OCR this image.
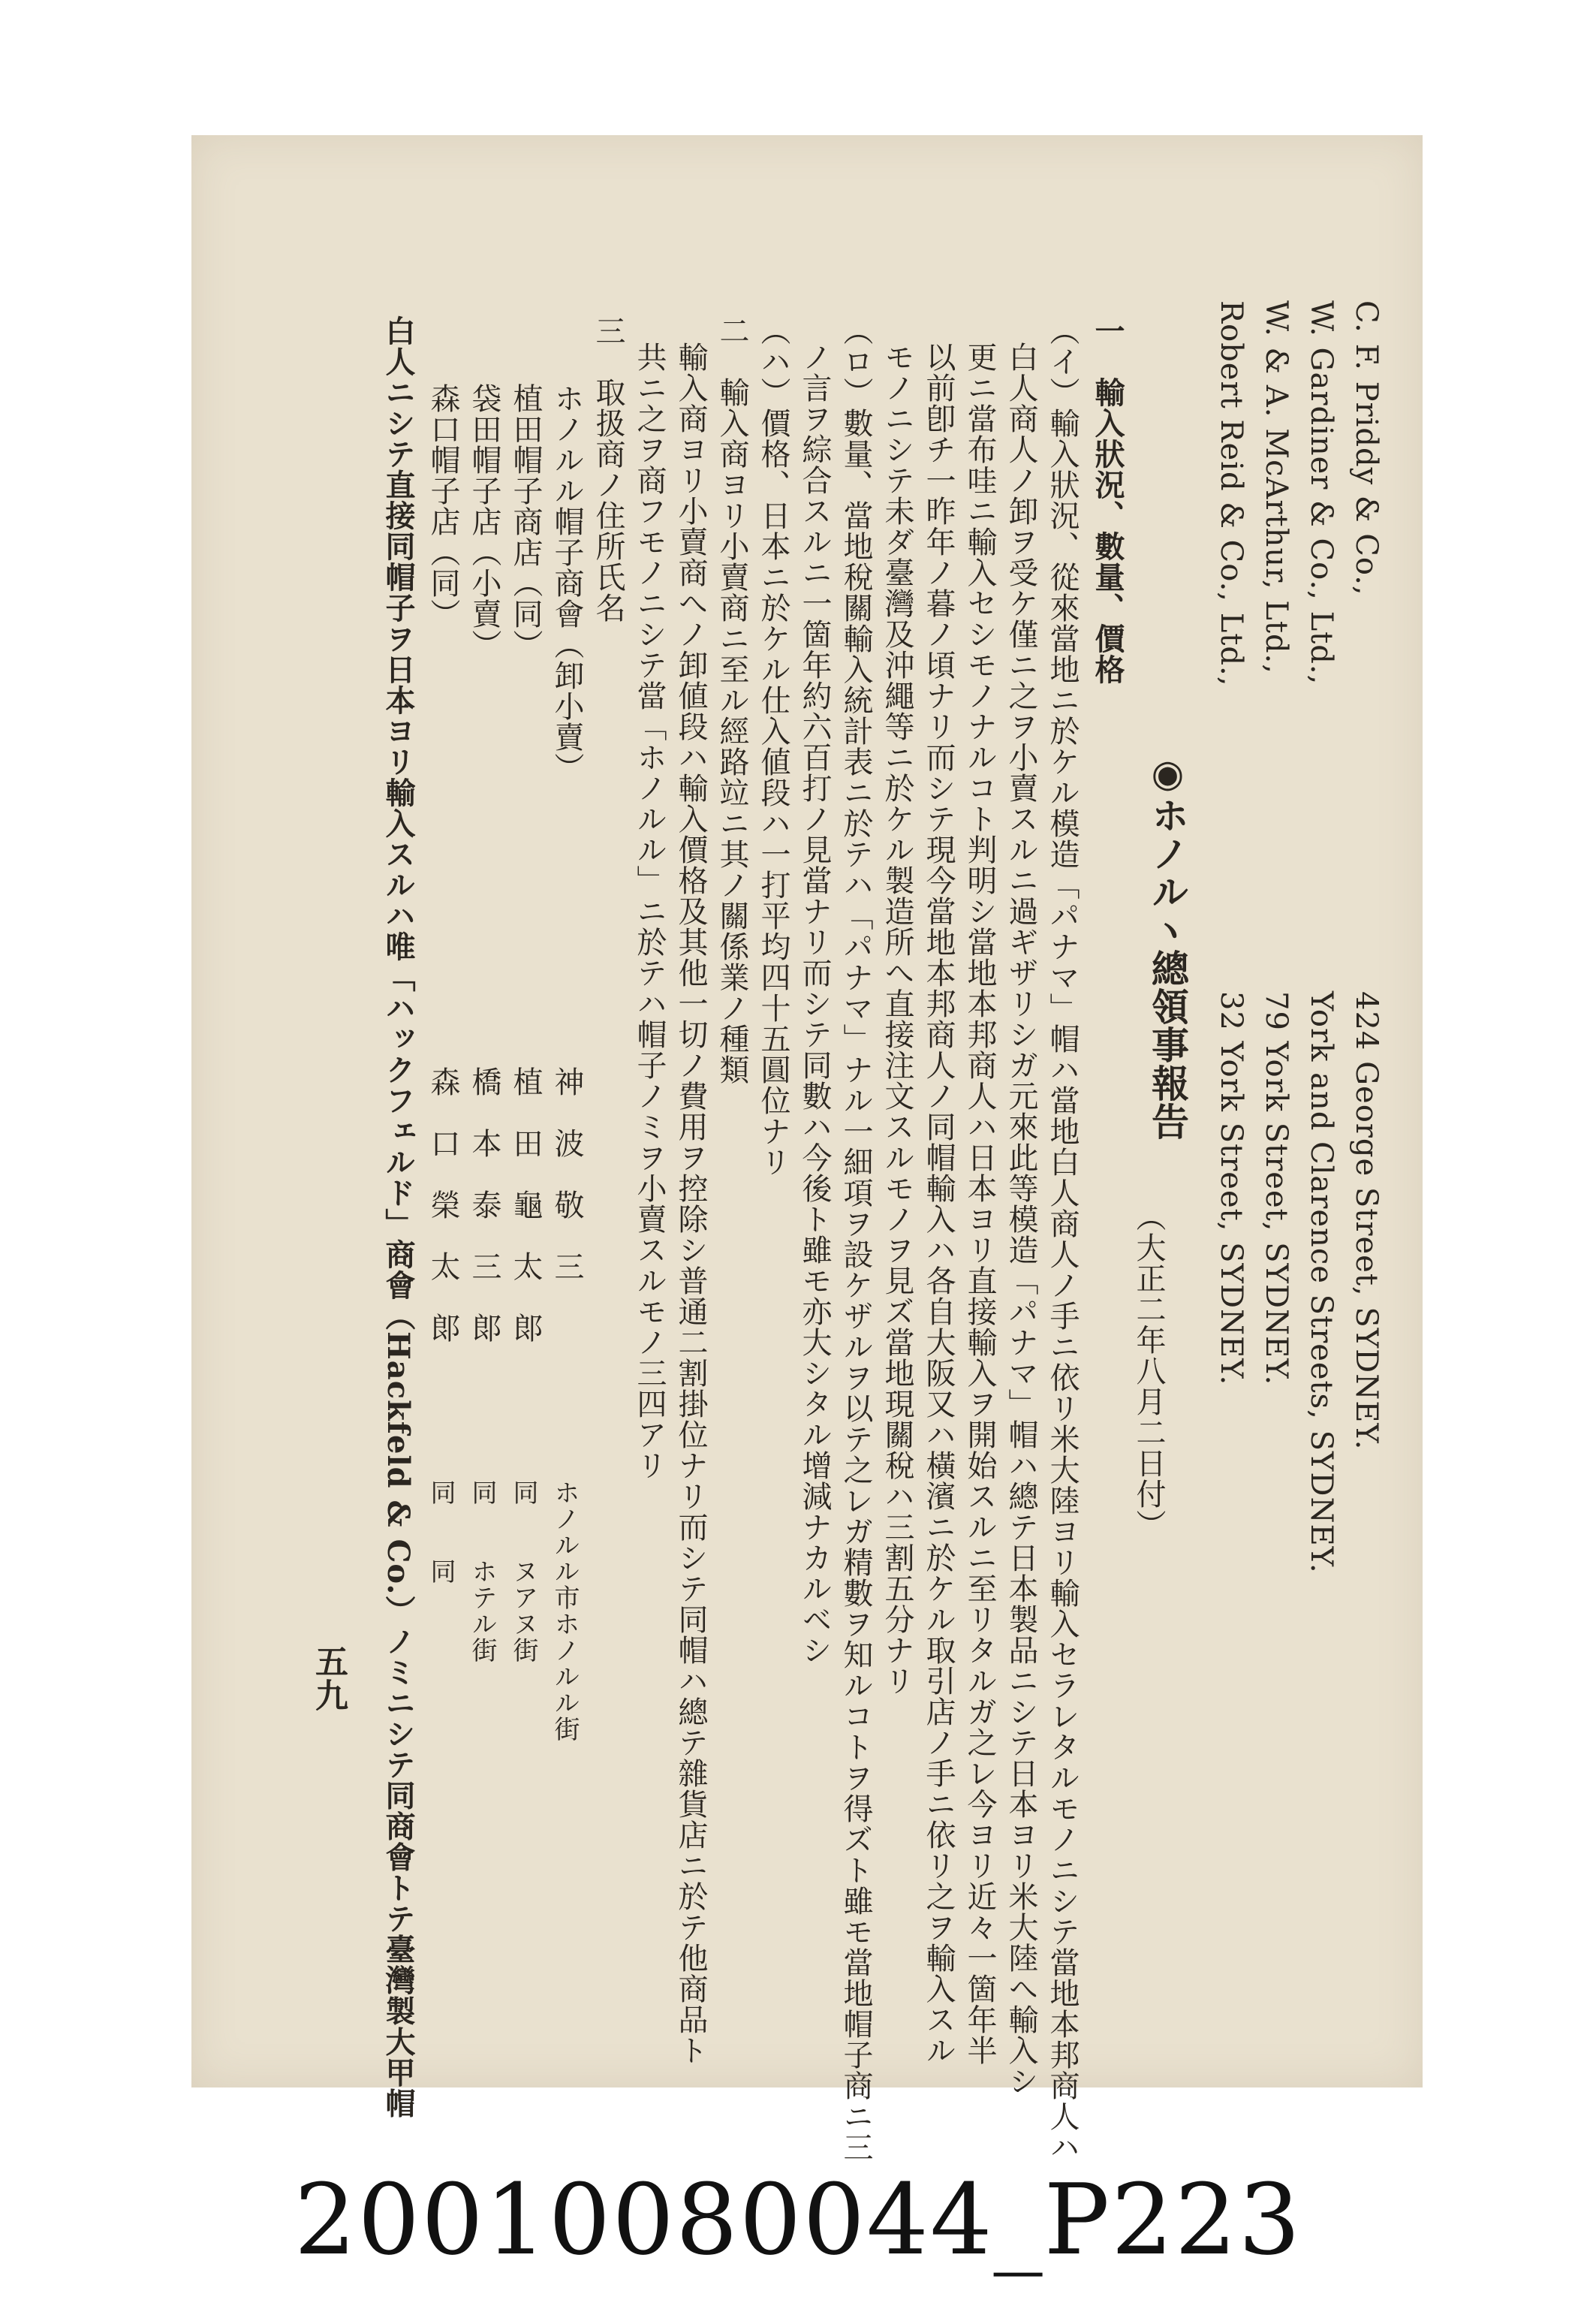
C. F. Priddy & Co.,
424 George Street, SYDNEY.
W. Gardiner & Co., Ltd.,
York and Clarence Streets, SYDNEY.
W. & A. McArthur, Ltd.,
79 York Street, SYDNEY.
Robert Reid & Co., Ltd.,
32 York Street, SYDNEY.
◉ホノルヽ總領事報告
（大正二年八月二日付）
一　輸入狀況、數量、價格
（イ）輸入狀況、從來當地ニ於ケル模造「パナマ」帽ハ當地白人商人ノ手ニ依リ米大陸ヨリ輸入セラレタルモノニシテ當地本邦商人ハ
白人商人ノ卸ヲ受ケ僅ニ之ヲ小賣スルニ過ギザリシガ元來此等模造「パナマ」帽ハ總テ日本製品ニシテ日本ヨリ米大陸へ輸入シ
更ニ當布哇ニ輸入セシモノナルコト判明シ當地本邦商人ハ日本ヨリ直接輸入ヲ開始スルニ至リタルガ之レ今ヨリ近々一箇年半
以前卽チ一昨年ノ暮ノ頃ナリ而シテ現今當地本邦商人ノ同帽輸入ハ各自大阪又ハ橫濱ニ於ケル取引店ノ手ニ依リ之ヲ輸入スル
モノニシテ未ダ臺灣及沖繩等ニ於ケル製造所へ直接注文スルモノヲ見ズ當地現關稅ハ三割五分ナリ
（ロ）數量、當地稅關輸入統計表ニ於テハ「パナマ」ナル一細項ヲ設ケザルヲ以テ之レガ精數ヲ知ルコトヲ得ズト雖モ當地帽子商ニ三
ノ言ヲ綜合スルニ一箇年約六百打ノ見當ナリ而シテ同數ハ今後ト雖モ亦大シタル增減ナカルベシ
（ハ）價格、日本ニ於ケル仕入値段ハ一打平均四十五圓位ナリ
二　輸入商ヨリ小賣商ニ至ル經路竝ニ其ノ關係業ノ種類
輸入商ヨリ小賣商へノ卸値段ハ輸入價格及其他一切ノ費用ヲ控除シ普通二割掛位ナリ而シテ同帽ハ總テ雜貨店ニ於テ他商品ト
共ニ之ヲ商フモノニシテ當「ホノルル」ニ於テハ帽子ノミヲ小賣スルモノ三四アリ
三　取扱商ノ住所氏名
ホノルル帽子商會（卸小賣）
神　波　敬　三
ホノルル市ホノルル街
植田帽子商店（同）
植　田　龜　太　郞
同　　ヌアヌ街
袋田帽子店（小賣）
橋　本　泰　三　郞
同　　ホテル街
森口帽子店（同）
森　口　榮　太　郞
同　　同
白人ニシテ直接同帽子ヲ日本ヨリ輸入スルハ唯「ハックフェルド」商會（Hackfeld & Co.）ノミニシテ同商會トテ臺灣製大甲帽
五九
20010080044_P223
